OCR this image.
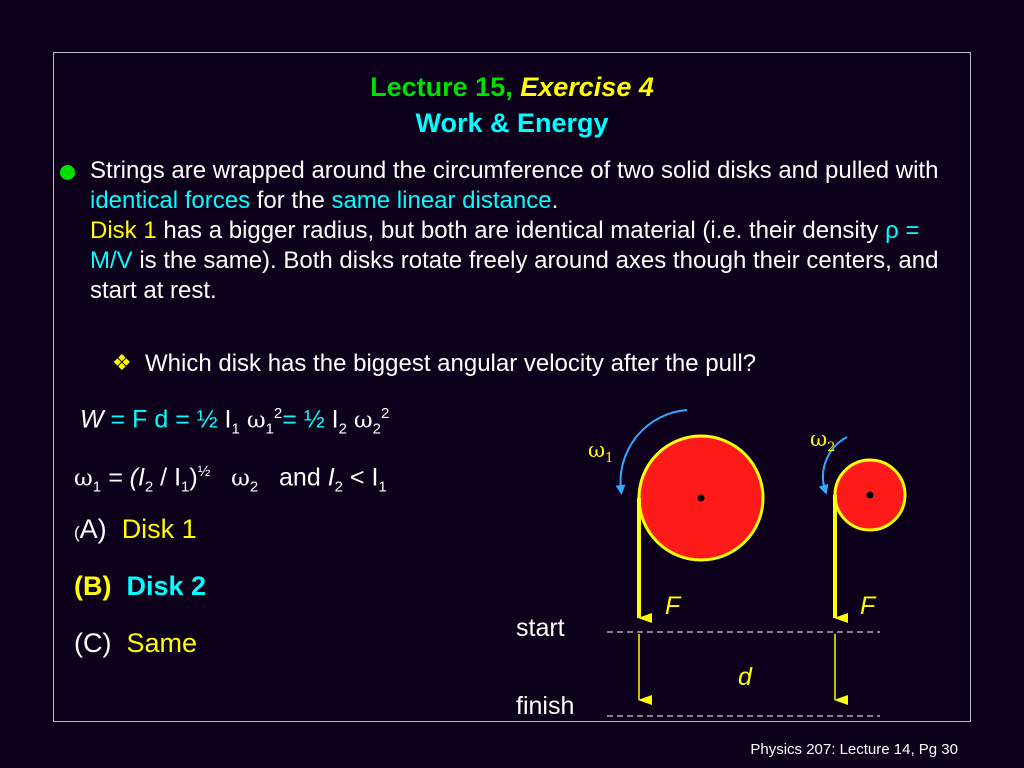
Lecture 15, Exercise 4
Work & Energy
Strings are wrapped around the circumference of two solid disks and pulled with identical forces for the same linear distance.
Disk 1 has a bigger radius, but both are identical material (i.e. their density ρ = M/V is the same). Both disks rotate freely around axes though their centers, and start at rest.
❖ Which disk has the biggest angular velocity after the pull?
W = F d = ½ $I_1$ $\omega_1^2=$ ½ $I_2$ $\omega_2^2$
$\omega_1 = (I_2 / I_1)^{\frac{1}{2}}$ $\omega_2$ and $I_2 < I_1$
(A) Disk 1
(B) Disk 2
(C) Same
$\omega_1$
$\omega_2$
F	F
start
finish
d
Physics 207: Lecture 14, Pg 30
